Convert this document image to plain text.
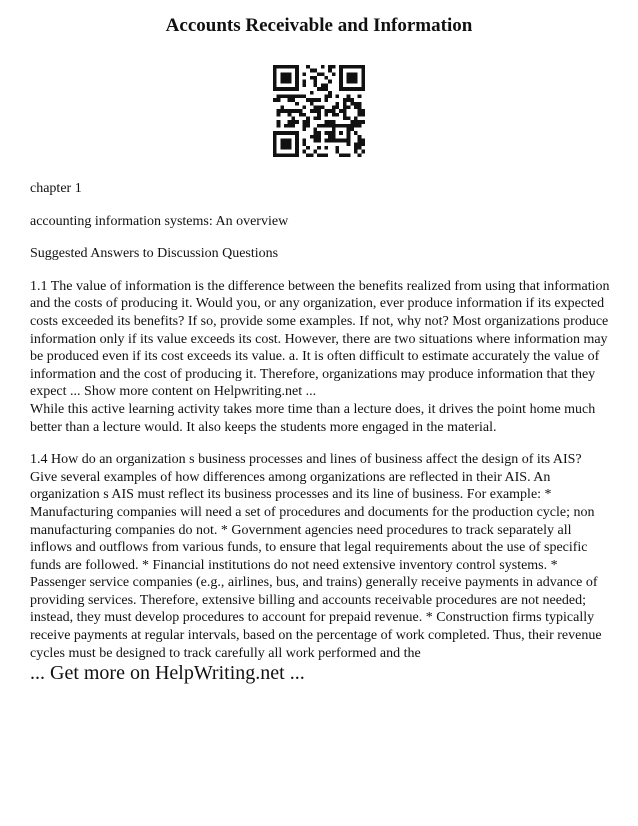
Accounts Receivable and Information

chapter 1

accounting information systems: An overview

Suggested Answers to Discussion Questions

1.1 The value of information is the difference between the benefits realized from using that information and the costs of producing it. Would you, or any organization, ever produce information if its expected costs exceeded its benefits? If so, provide some examples. If not, why not? Most organizations produce information only if its value exceeds its cost. However, there are two situations where information may be produced even if its cost exceeds its value. a. It is often difficult to estimate accurately the value of information and the cost of producing it. Therefore, organizations may produce information that they expect ... Show more content on Helpwriting.net ...

While this active learning activity takes more time than a lecture does, it drives the point home much better than a lecture would. It also keeps the students more engaged in the material.

1.4 How do an organization s business processes and lines of business affect the design of its AIS? Give several examples of how differences among organizations are reflected in their AIS. An organization s AIS must reflect its business processes and its line of business. For example: * Manufacturing companies will need a set of procedures and documents for the production cycle; non manufacturing companies do not. * Government agencies need procedures to track separately all inflows and outflows from various funds, to ensure that legal requirements about the use of specific funds are followed. * Financial institutions do not need extensive inventory control systems. * Passenger service companies (e.g., airlines, bus, and trains) generally receive payments in advance of providing services. Therefore, extensive billing and accounts receivable procedures are not needed; instead, they must develop procedures to account for prepaid revenue. * Construction firms typically receive payments at regular intervals, based on the percentage of work completed. Thus, their revenue cycles must be designed to track carefully all work performed and the

... Get more on HelpWriting.net ...
